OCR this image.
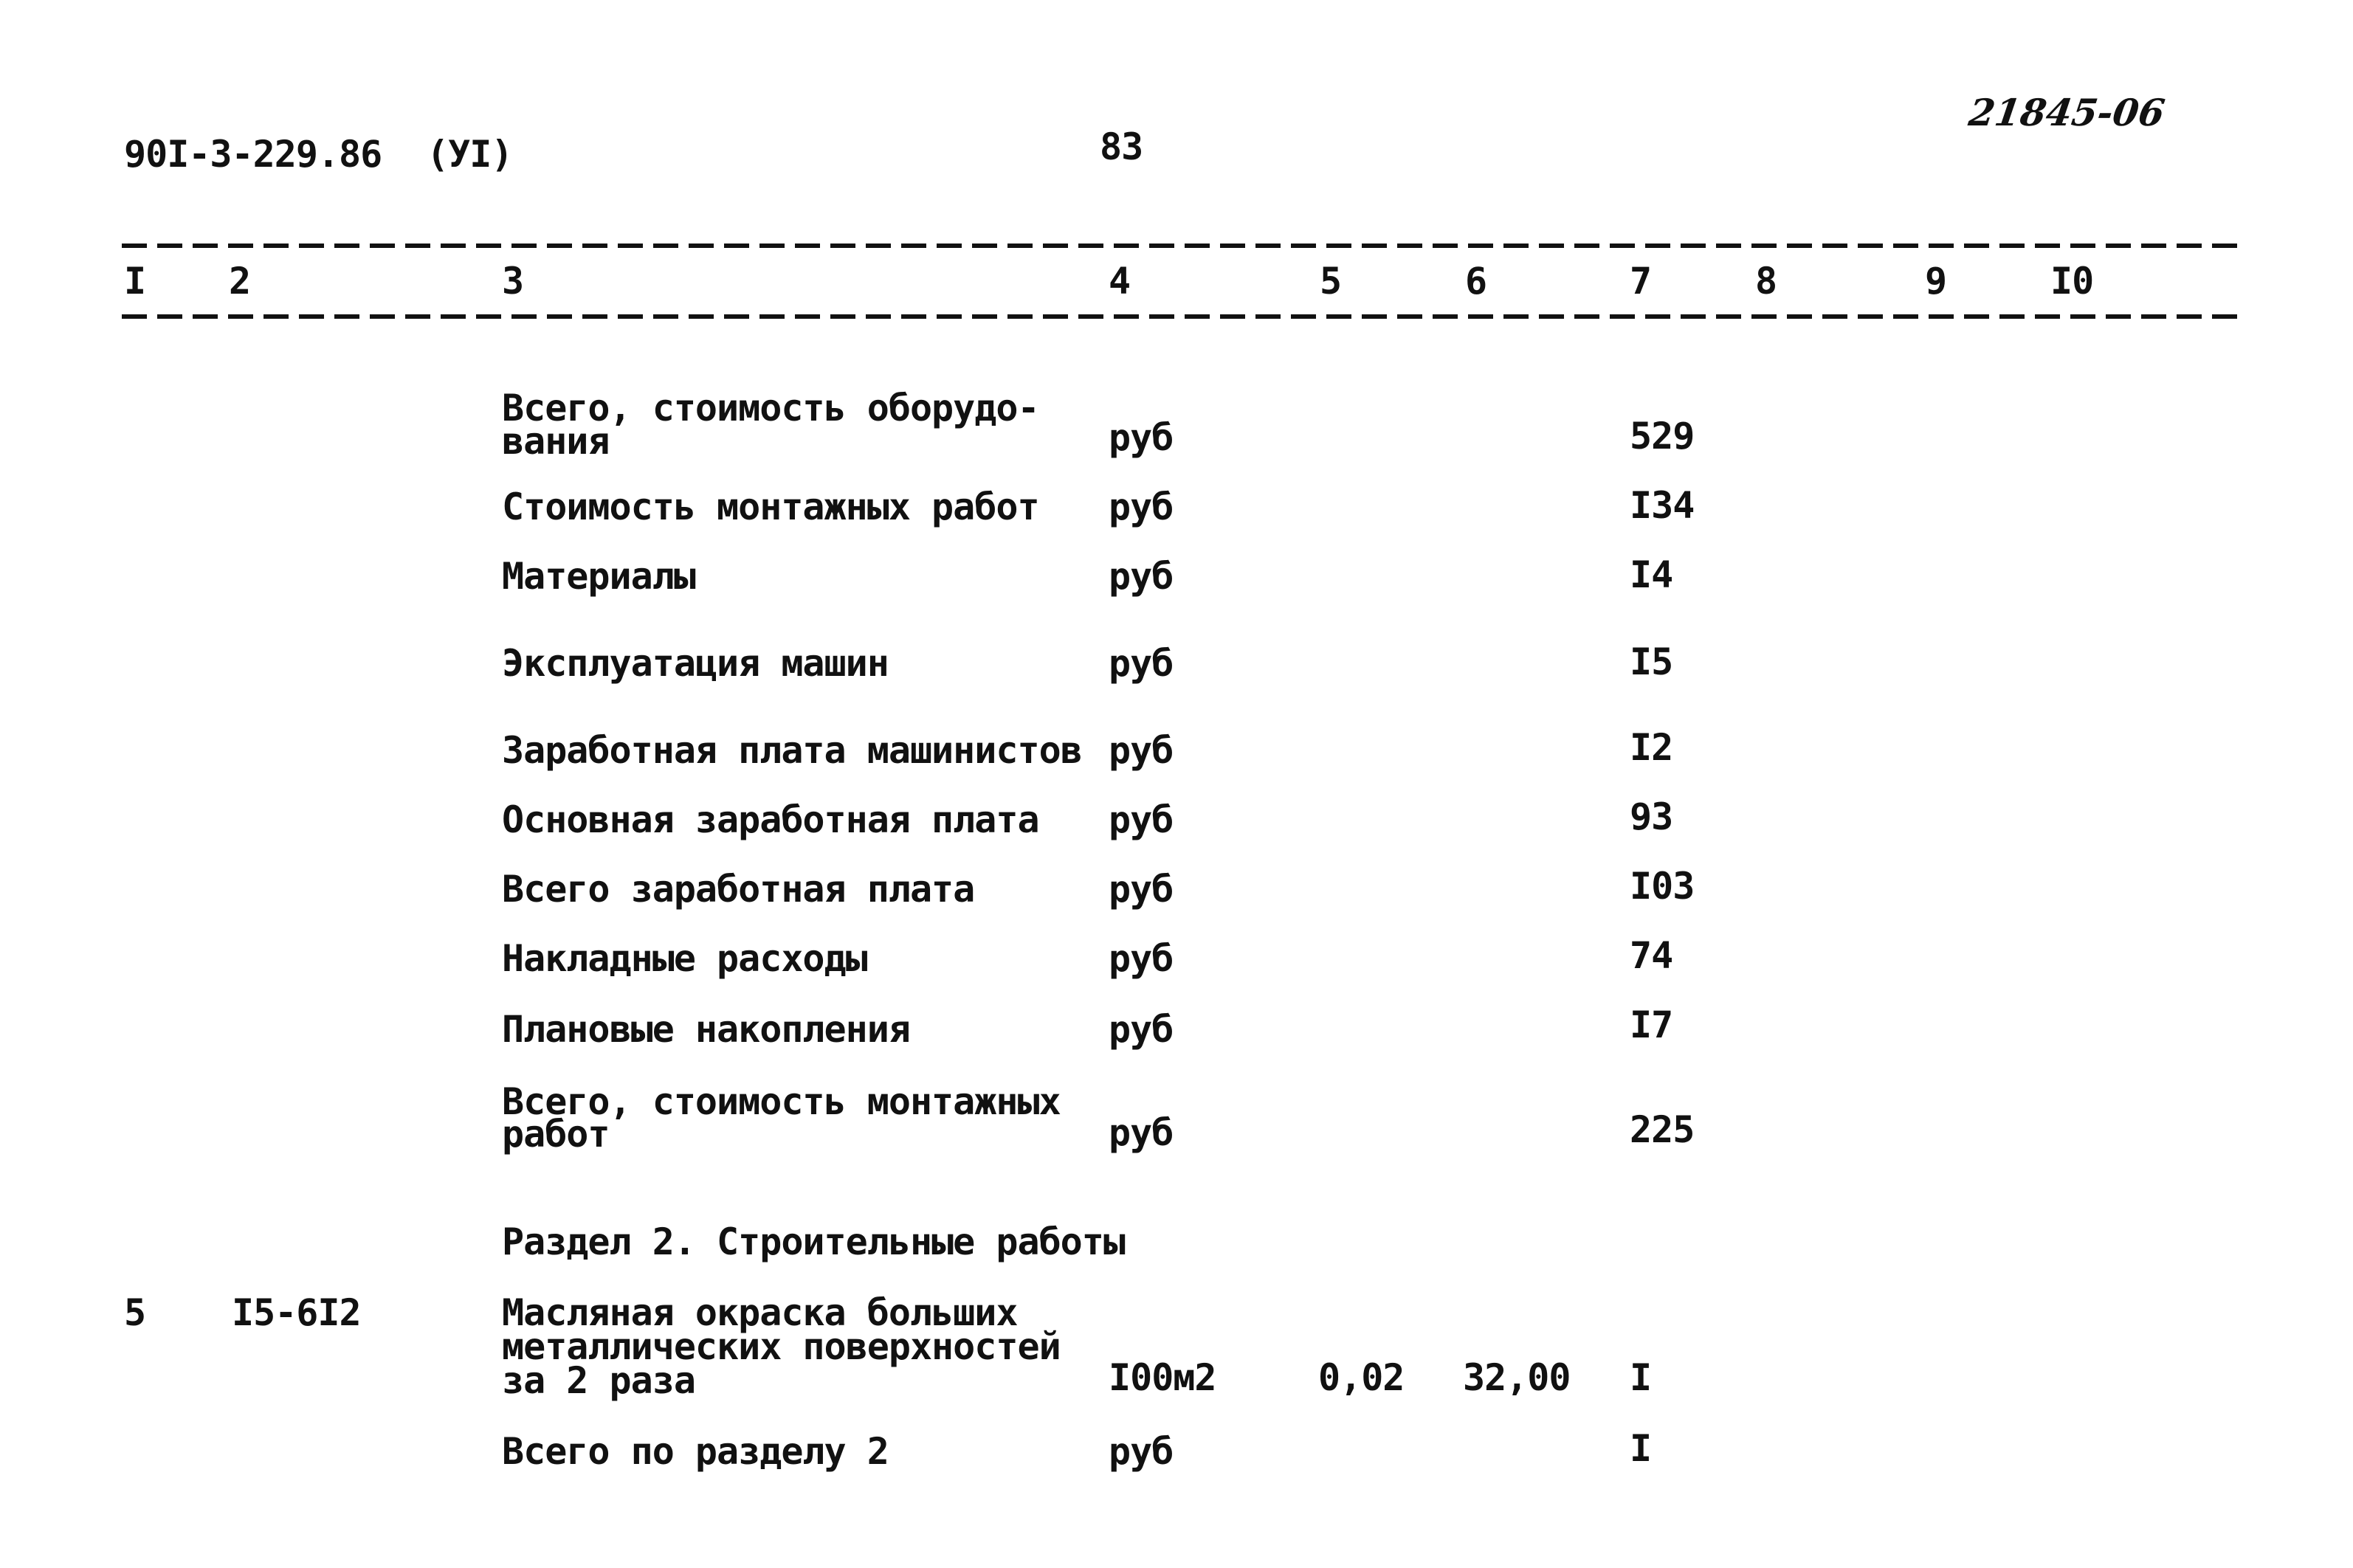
90I-3-229.86 (УI)	83
21845-06
I 2	3	4	5	6	7	8	9	I0
Всего, стоимость оборудо-
вания	руб	529
Стоимость монтажных работ руб	I34
Материалы	руб	I4
Эксплуатация машин	руб	I5
Заработная плата машинистов руб	I2
Основная заработная плата руб	93
Всего заработная плата	руб	I03
Накладные расходы	руб	74
Плановые накопления	руб	I7
Всего, стоимость монтажных
работ	руб	225
Раздел 2. Строительные работы
5 I5-6I2	Масляная окраска больших
металлических поверхностей
за 2 раза	I00м2	0,02 32,00 I
Всего по разделу 2	руб	I
